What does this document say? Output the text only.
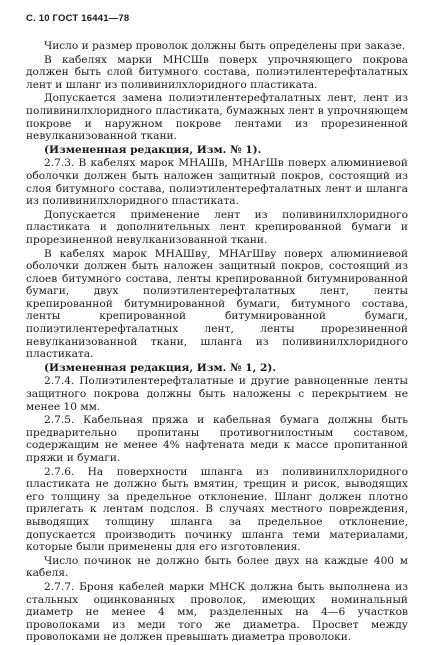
С. 10 ГОСТ 16441—78

Число и размер проволок должны быть определены при заказе.

В кабелях марки МНСШв поверх упрочняющего покрова должен быть слой битумного состава, полиэтилентерефталатных лент и шланг из поливинилхлоридного пластиката.

Допускается замена полиэтилентерефталатных лент, лент из поливинилхлоридного пластиката, бумажных лент в упрочняющем покрове и наружном покрове лентами из прорезиненной невулканизованной ткани.

(Измененная редакция, Изм. № 1).

2.7.3. В кабелях марок МНАШв, МНАгШв поверх алюминиевой оболочки должен быть наложен защитный покров, состоящий из слоя битумного состава, полиэтилентерефталатных лент и шланга из поливинилхлоридного пластиката.

Допускается применение лент из поливинилхлоридного пластиката и дополнительных лент крепированной бумаги и прорезиненной невулканизованной ткани.

В кабелях марок МНАШву, МНАгШву поверх алюминиевой оболочки должен быть наложен защитный покров, состоящий из слоев битумного состава, ленты крепированной битумнированной бумаги, двух полиэтилентерефталатных лент, ленты крепированной битумнированной бумаги, битумного состава, ленты крепированной битумнированной бумаги, полиэтилентерефталатных лент, ленты прорезиненной невулканизованной ткани, шланга из поливинилхлоридного пластиката.

(Измененная редакция, Изм. № 1, 2).

2.7.4. Полиэтилентерефталатные и другие равноценные ленты защитного покрова должны быть наложены с перекрытием не менее 10 мм.

2.7.5. Кабельная пряжа и кабельная бумага должны быть предварительно пропитаны противогнилостным составом, содержащим не менее 4% нафтената меди к массе пропитанной пряжи и бумаги.

2.7.6. На поверхности шланга из поливинилхлоридного пластиката не должно быть вмятин, трещин и рисок, выводящих его толщину за предельное отклонение. Шланг должен плотно прилегать к лентам подслоя. В случаях местного повреждения, выводящих толщину шланга за предельное отклонение, допускается производить починку шланга теми материалами, которые были применены для его изготовления.

Число починок не должно быть более двух на каждые 400 м кабеля.

2.7.7. Броня кабелей марки МНСК должна быть выполнена из стальных оцинкованных проволок, имеющих номинальный диаметр не менее 4 мм, разделенных на 4—6 участков проволоками из меди того же диаметра. Просвет между проволоками не должен превышать диаметра проволоки.
